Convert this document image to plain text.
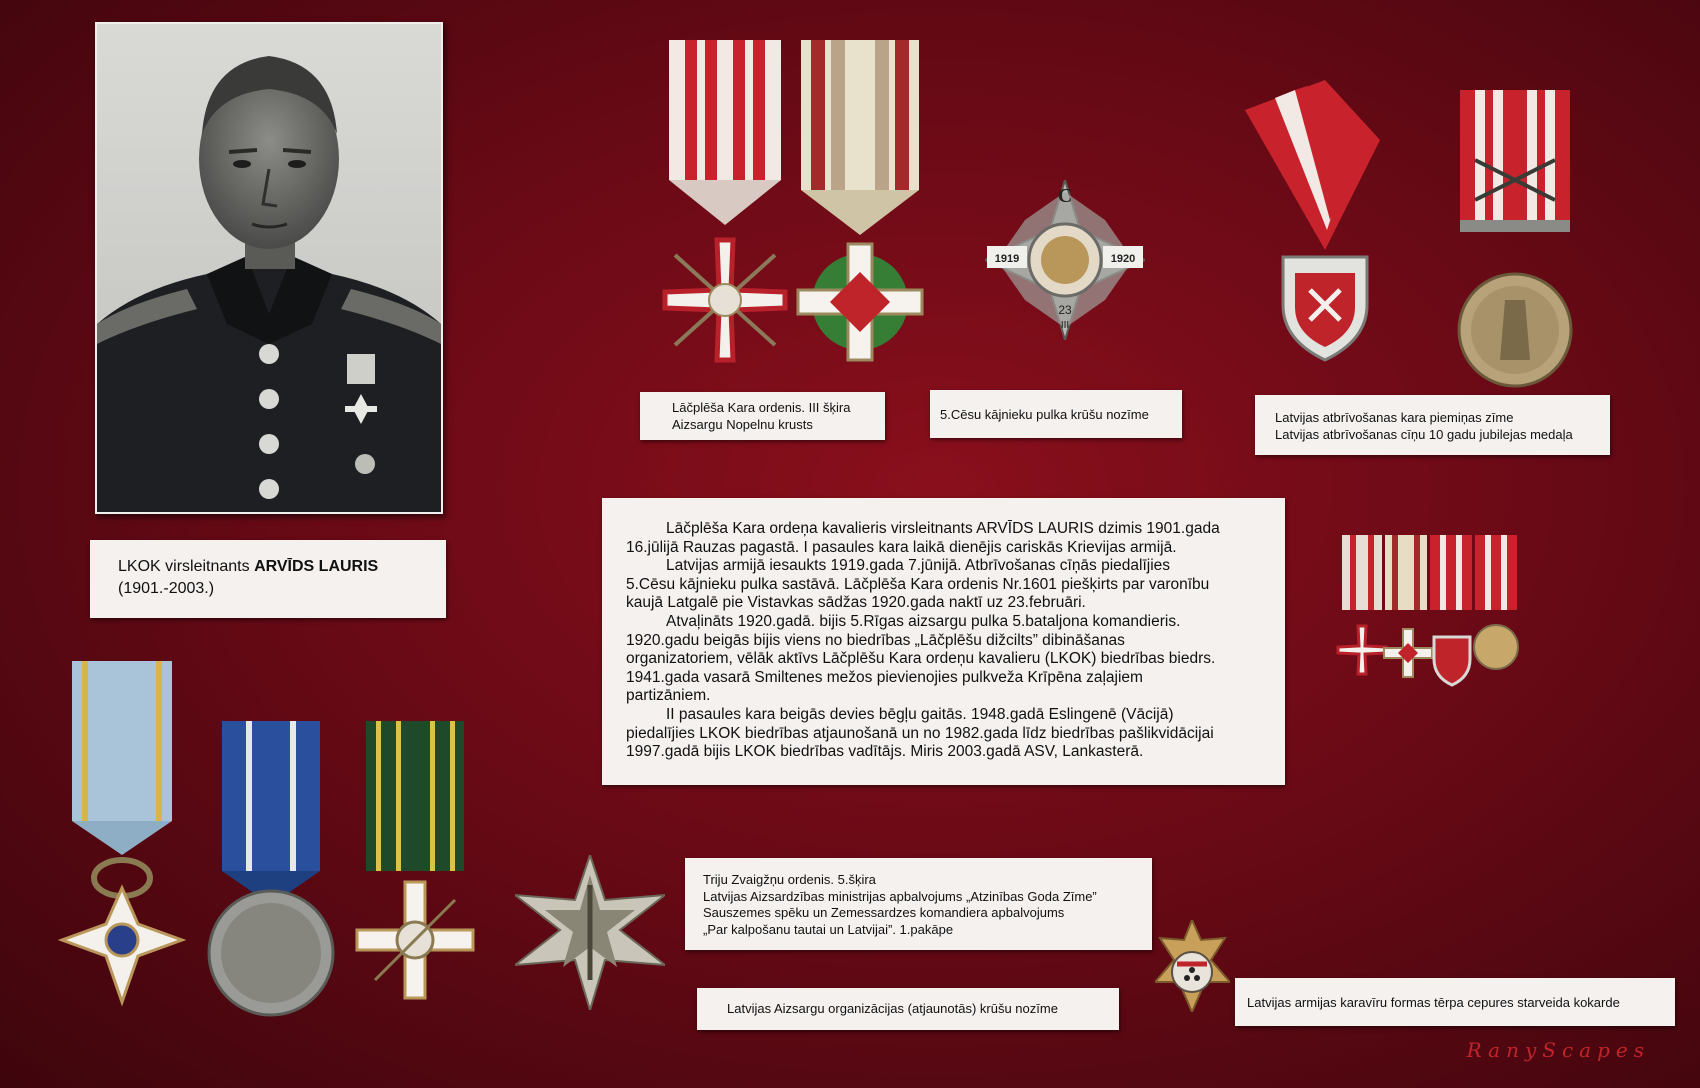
LKOK virsleitnants ARVĪDS LAURIS
(1901.-2003.)
1919	1920
C
23
III
Lāčplēša Kara ordenis. III šķira
Aizsargu Nopelnu krusts
5.Cēsu kājnieku pulka krūšu nozīme	Latvijas atbrīvošanas kara piemiņas zīme
Latvijas atbrīvošanas cīņu 10 gadu jubilejas medaļa
Lāčplēša Kara ordeņa kavalieris virsleitnants ARVĪDS LAURIS dzimis 1901.gada
16.jūlijā Rauzas pagastā. I pasaules kara laikā dienējis cariskās Krievijas armijā.
Latvijas armijā iesaukts 1919.gada 7.jūnijā. Atbrīvošanas cīņās piedalījies
5.Cēsu kājnieku pulka sastāvā. Lāčplēša Kara ordenis Nr.1601 piešķirts par varonību
kaujā Latgalē pie Vistavkas sādžas 1920.gada naktī uz 23.februāri.
Atvaļināts 1920.gadā. bijis 5.Rīgas aizsargu pulka 5.bataljona komandieris.
1920.gadu beigās bijis viens no biedrības „Lāčplēšu dižcilts” dibināšanas
organizatoriem, vēlāk aktīvs Lāčplēšu Kara ordeņu kavalieru (LKOK) biedrības biedrs.
1941.gada vasarā Smiltenes mežos pievienojies pulkveža Krīpēna zaļajiem
partizāniem.
II pasaules kara beigās devies bēgļu gaitās. 1948.gadā Eslingenē (Vācijā)
piedalījies LKOK biedrības atjaunošanā un no 1982.gada līdz biedrības pašlikvidācijai
1997.gadā bijis LKOK biedrības vadītājs. Miris 2003.gadā ASV, Lankasterā.
Triju Zvaigžņu ordenis. 5.šķira
Latvijas Aizsardzības ministrijas apbalvojums „Atzinības Goda Zīme”
Sauszemes spēku un Zemessardzes komandiera apbalvojums
„Par kalpošanu tautai un Latvijai”. 1.pakāpe
Latvijas Aizsargu organizācijas (atjaunotās) krūšu nozīme	Latvijas armijas karavīru formas tērpa cepures starveida kokarde
RanyScapes
